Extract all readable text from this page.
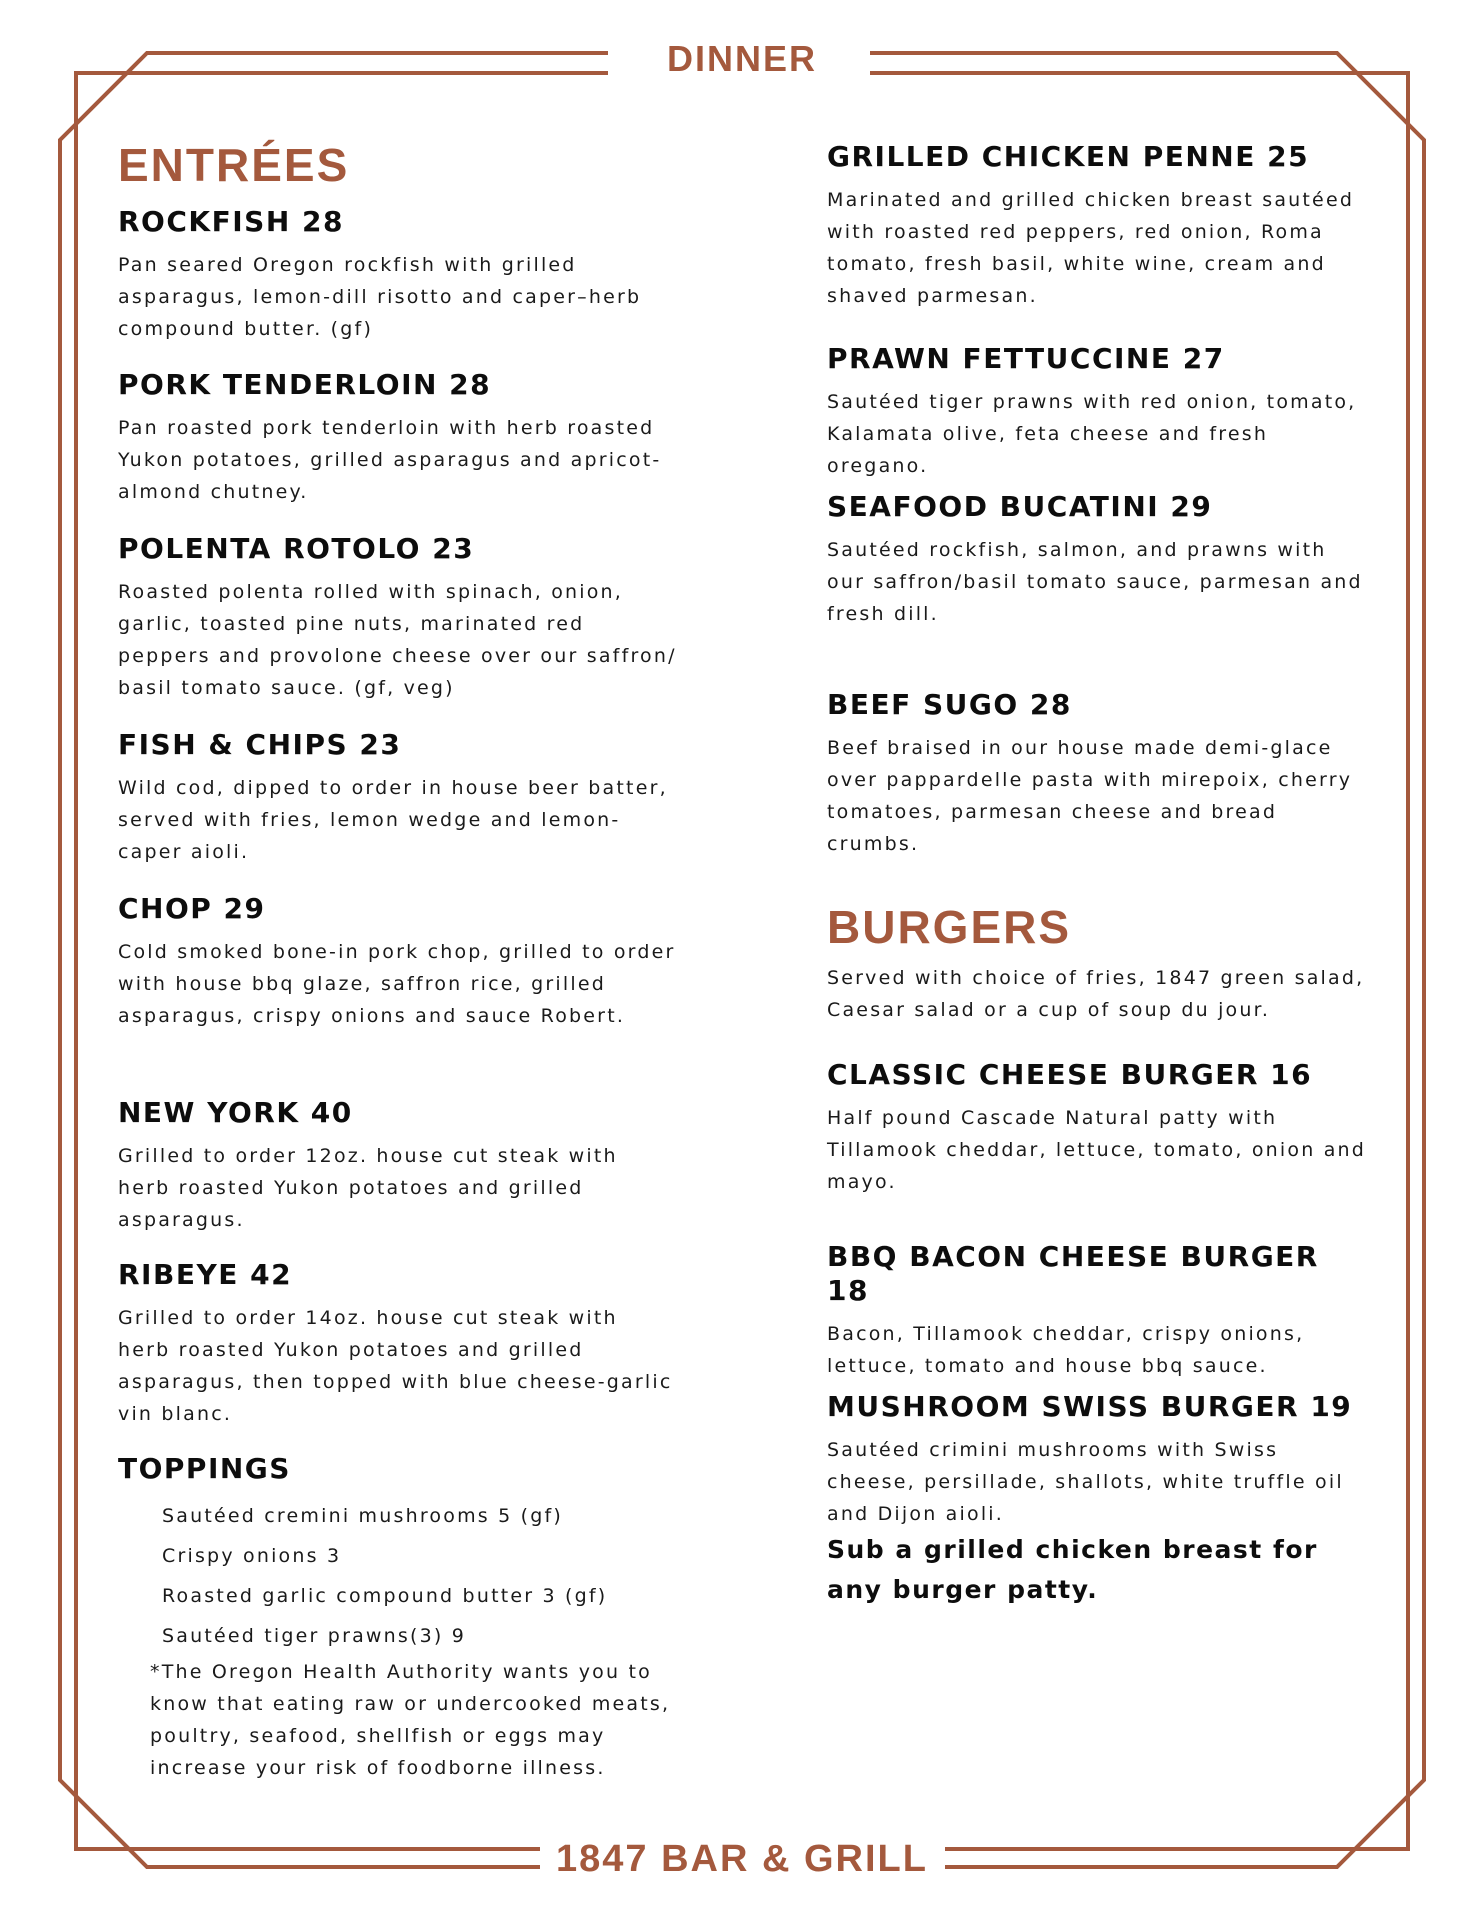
DINNER
1847 BAR & GRILL
ENTRÉES
ROCKFISH 28

Pan seared Oregon rockfish with grilled asparagus, lemon-dill risotto and caper–herb compound butter. (gf)

PORK TENDERLOIN 28

Pan roasted pork tenderloin with herb roasted Yukon potatoes, grilled asparagus and apricot-almond chutney.

POLENTA ROTOLO 23

Roasted polenta rolled with spinach, onion, garlic, toasted pine nuts, marinated red peppers and provolone cheese over our saffron/ basil tomato sauce. (gf, veg)

FISH & CHIPS 23

Wild cod, dipped to order in house beer batter, served with fries, lemon wedge and lemon-caper aioli.

CHOP 29

Cold smoked bone-in pork chop, grilled to order with house bbq glaze, saffron rice, grilled asparagus, crispy onions and sauce Robert.

NEW YORK 40

Grilled to order 12oz. house cut steak with herb roasted Yukon potatoes and grilled asparagus.

RIBEYE 42

Grilled to order 14oz. house cut steak with herb roasted Yukon potatoes and grilled asparagus, then topped with blue cheese-garlic vin blanc.

TOPPINGS
Sautéed cremini mushrooms 5 (gf)
Crispy onions 3
Roasted garlic compound butter 3 (gf)
Sautéed tiger prawns(3) 9

*The Oregon Health Authority wants you to know that eating raw or undercooked meats, poultry, seafood, shellfish or eggs may increase your risk of foodborne illness.

GRILLED CHICKEN PENNE 25

Marinated and grilled chicken breast sautéed with roasted red peppers, red onion, Roma tomato, fresh basil, white wine, cream and shaved parmesan.

PRAWN FETTUCCINE 27

Sautéed tiger prawns with red onion, tomato, Kalamata olive, feta cheese and fresh oregano.

SEAFOOD BUCATINI 29

Sautéed rockfish, salmon, and prawns with our saffron/basil tomato sauce, parmesan and fresh dill.

BEEF SUGO 28

Beef braised in our house made demi-glace over pappardelle pasta with mirepoix, cherry tomatoes, parmesan cheese and bread crumbs.

BURGERS

Served with choice of fries, 1847 green salad, Caesar salad or a cup of soup du jour.

CLASSIC CHEESE BURGER 16

Half pound Cascade Natural patty with Tillamook cheddar, lettuce, tomato, onion and mayo.

BBQ BACON CHEESE BURGER 18

Bacon, Tillamook cheddar, crispy onions, lettuce, tomato and house bbq sauce.

MUSHROOM SWISS BURGER 19

Sautéed crimini mushrooms with Swiss cheese, persillade, shallots, white truffle oil and Dijon aioli.

Sub a grilled chicken breast for any burger patty.
